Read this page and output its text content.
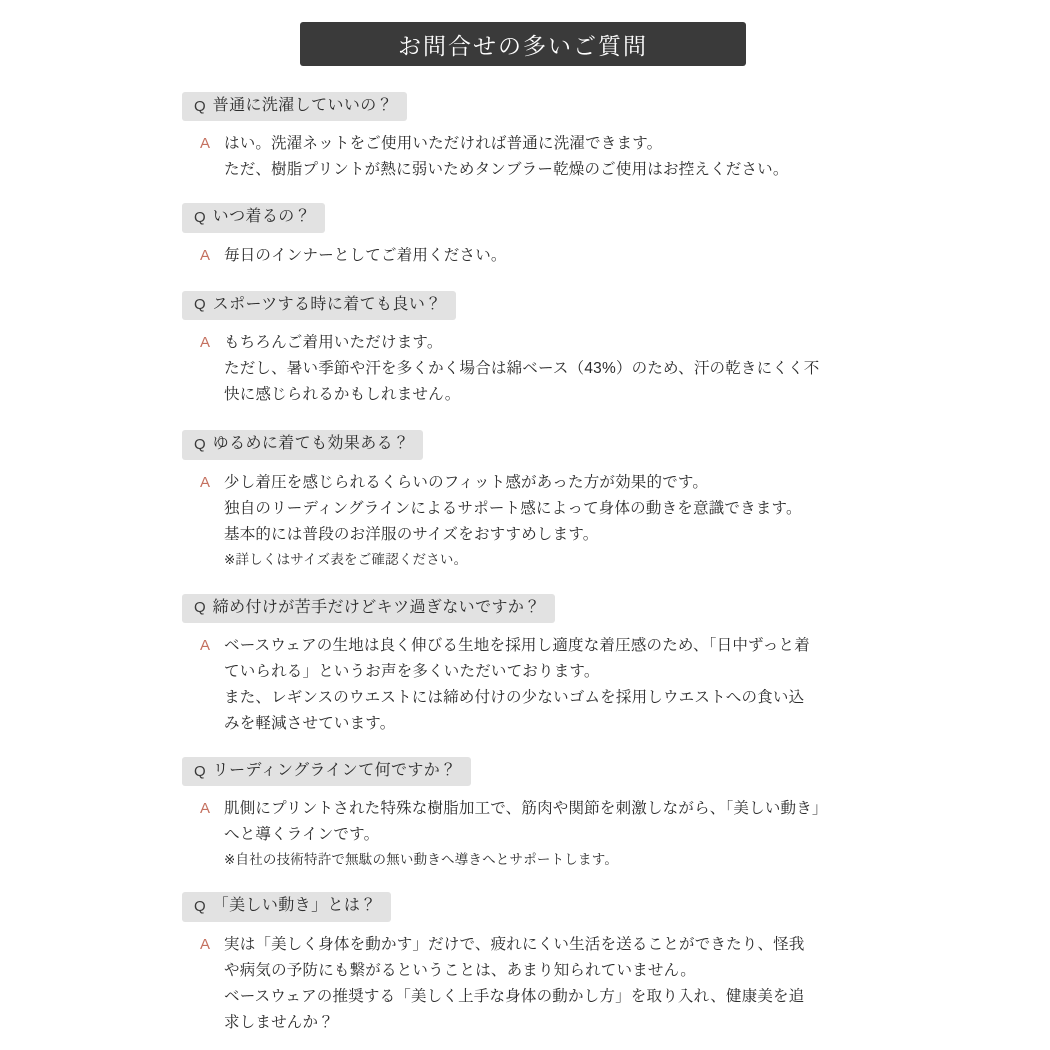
お問合せの多いご質問
Q 普通に洗濯していいの？
A はい。洗濯ネットをご使用いただければ普通に洗濯できます。
ただ、樹脂プリントが熱に弱いためタンブラー乾燥のご使用はお控えください。
Q いつ着るの？
A 毎日のインナーとしてご着用ください。
Q スポーツする時に着ても良い？
A もちろんご着用いただけます。
ただし、暑い季節や汗を多くかく場合は綿ベース（43%）のため、汗の乾きにくく不
快に感じられるかもしれません。
Q ゆるめに着ても効果ある？
A 少し着圧を感じられるくらいのフィット感があった方が効果的です。
独自のリーディングラインによるサポート感によって身体の動きを意識できます。
基本的には普段のお洋服のサイズをおすすめします。
※詳しくはサイズ表をご確認ください。
Q 締め付けが苦手だけどキツ過ぎないですか？
A ベースウェアの生地は良く伸びる生地を採用し適度な着圧感のため、「日中ずっと着
ていられる」というお声を多くいただいております。
また、レギンスのウエストには締め付けの少ないゴムを採用しウエストへの食い込
みを軽減させています。
Q リーディングラインて何ですか？
A 肌側にプリントされた特殊な樹脂加工で、筋肉や関節を刺激しながら、「美しい動き」
へと導くラインです。
※自社の技術特許で無駄の無い動きへ導きへとサポートします。
Q 「美しい動き」とは？
A 実は「美しく身体を動かす」だけで、疲れにくい生活を送ることができたり、怪我
や病気の予防にも繋がるということは、あまり知られていません。
ベースウェアの推奨する「美しく上手な身体の動かし方」を取り入れ、健康美を追
求しませんか？
